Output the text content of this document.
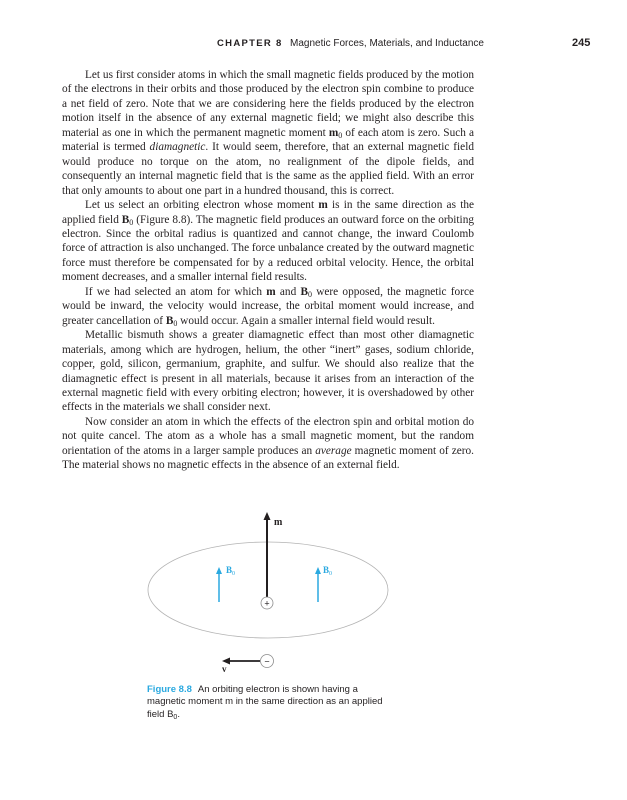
CHAPTER 8 Magnetic Forces, Materials, and Inductance	245

Let us first consider atoms in which the small magnetic fields produced by the motion of the electrons in their orbits and those produced by the electron spin combine to produce a net field of zero. Note that we are considering here the fields produced by the electron motion itself in the absence of any external magnetic field; we might also describe this material as one in which the permanent magnetic moment $m_0$ of each atom is zero. Such a material is termed diamagnetic. It would seem, therefore, that an external magnetic field would produce no torque on the atom, no realignment of the dipole fields, and consequently an internal magnetic field that is the same as the applied field. With an error that only amounts to about one part in a hundred thousand, this is correct.

Let us select an orbiting electron whose moment m is in the same direction as the applied field $B_0$ (Figure 8.8). The magnetic field produces an outward force on the orbiting electron. Since the orbital radius is quantized and cannot change, the inward Coulomb force of attraction is also unchanged. The force unbalance created by the outward magnetic force must therefore be compensated for by a reduced orbital velocity. Hence, the orbital moment decreases, and a smaller internal field results.

If we had selected an atom for which m and $B_0$ were opposed, the magnetic force would be inward, the velocity would increase, the orbital moment would increase, and greater cancellation of $B_0$ would occur. Again a smaller internal field would result.

Metallic bismuth shows a greater diamagnetic effect than most other diamagnetic materials, among which are hydrogen, helium, the other “inert” gases, sodium chloride, copper, gold, silicon, germanium, graphite, and sulfur. We should also realize that the diamagnetic effect is present in all materials, because it arises from an interaction of the external magnetic field with every orbiting electron; however, it is overshadowed by other effects in the materials we shall consider next.

Now consider an atom in which the effects of the electron spin and orbital motion do not quite cancel. The atom as a whole has a small magnetic moment, but the random orientation of the atoms in a larger sample produces an average magnetic moment of zero. The material shows no magnetic effects in the absence of an external field.

m
$B_0$	$B_0$
+
v
−
Figure 8.8 An orbiting electron is shown having a magnetic moment m in the same direction as an applied field $B_0$.
